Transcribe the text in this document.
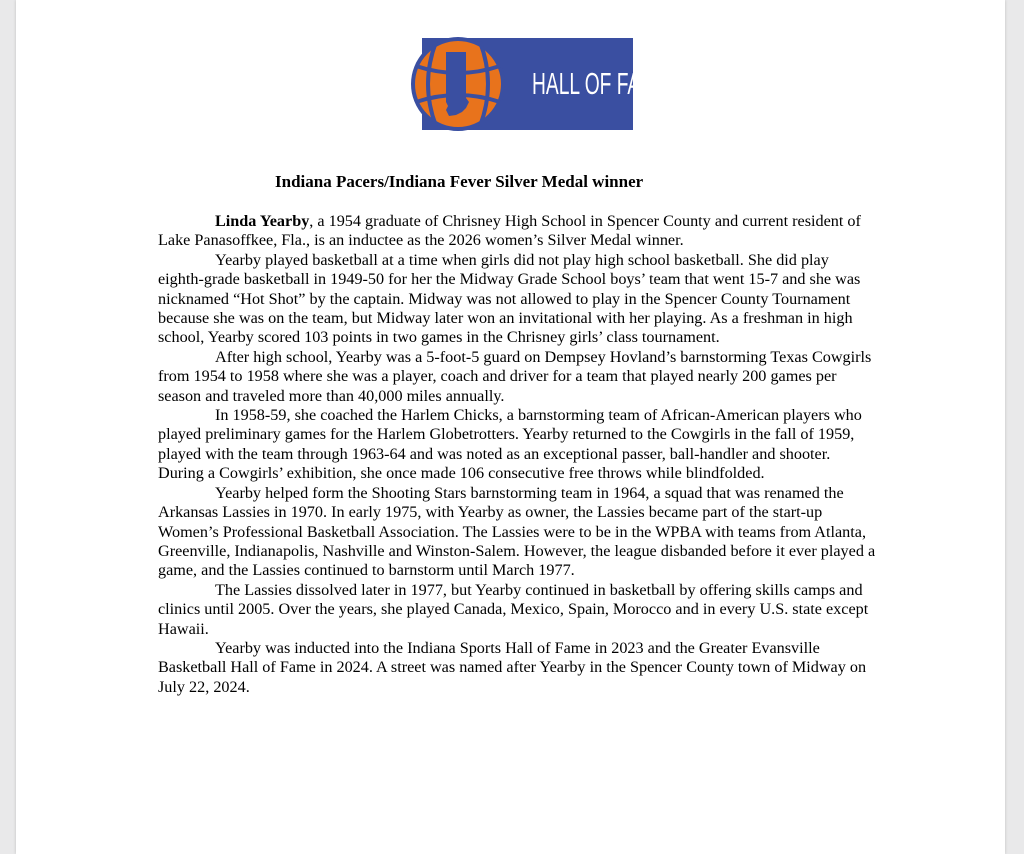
HALL OF FAME
Indiana Pacers/Indiana Fever Silver Medal winner

Linda Yearby, a 1954 graduate of Chrisney High School in Spencer County and current resident of Lake Panasoffkee, Fla., is an inductee as the 2026 women’s Silver Medal winner.

Yearby played basketball at a time when girls did not play high school basketball. She did play eighth-grade basketball in 1949-50 for her the Midway Grade School boys’ team that went 15-7 and she was nicknamed “Hot Shot” by the captain. Midway was not allowed to play in the Spencer County Tournament because she was on the team, but Midway later won an invitational with her playing. As a freshman in high school, Yearby scored 103 points in two games in the Chrisney girls’ class tournament.

After high school, Yearby was a 5-foot-5 guard on Dempsey Hovland’s barnstorming Texas Cowgirls from 1954 to 1958 where she was a player, coach and driver for a team that played nearly 200 games per season and traveled more than 40,000 miles annually.

In 1958-59, she coached the Harlem Chicks, a barnstorming team of African-American players who played preliminary games for the Harlem Globetrotters. Yearby returned to the Cowgirls in the fall of 1959, played with the team through 1963-64 and was noted as an exceptional passer, ball-handler and shooter. During a Cowgirls’ exhibition, she once made 106 consecutive free throws while blindfolded.

Yearby helped form the Shooting Stars barnstorming team in 1964, a squad that was renamed the Arkansas Lassies in 1970. In early 1975, with Yearby as owner, the Lassies became part of the start-up Women’s Professional Basketball Association. The Lassies were to be in the WPBA with teams from Atlanta, Greenville, Indianapolis, Nashville and Winston-Salem. However, the league disbanded before it ever played a game, and the Lassies continued to barnstorm until March 1977.

The Lassies dissolved later in 1977, but Yearby continued in basketball by offering skills camps and clinics until 2005. Over the years, she played Canada, Mexico, Spain, Morocco and in every U.S. state except Hawaii.

Yearby was inducted into the Indiana Sports Hall of Fame in 2023 and the Greater Evansville Basketball Hall of Fame in 2024. A street was named after Yearby in the Spencer County town of Midway on July 22, 2024.
